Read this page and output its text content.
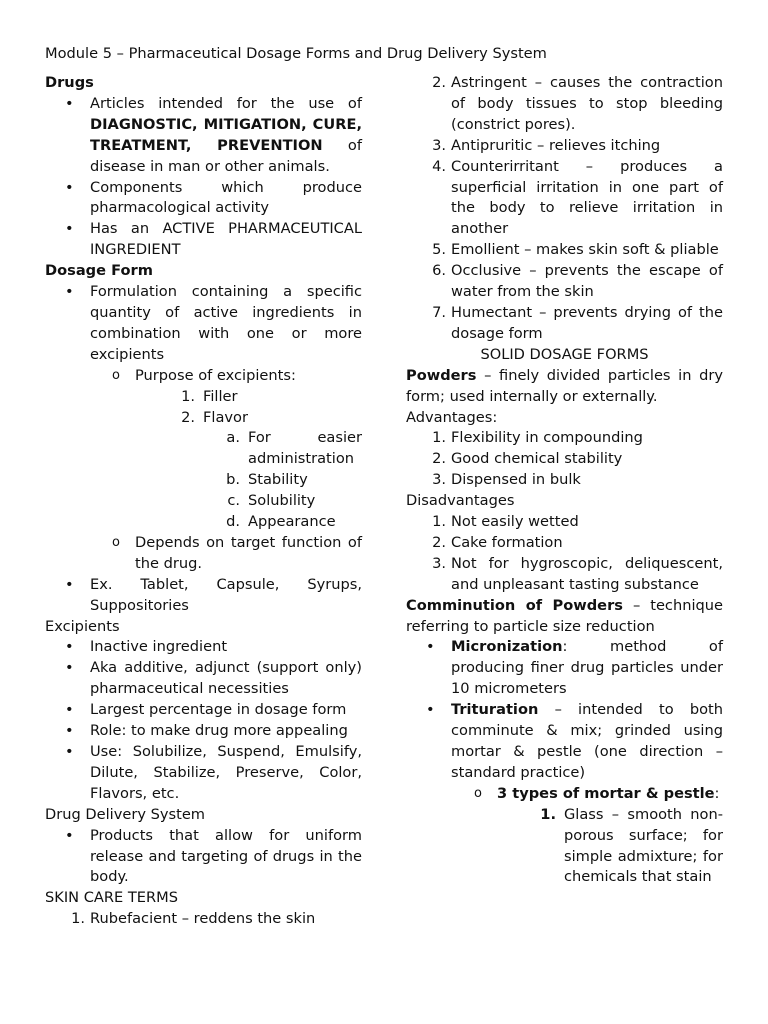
Module 5 – Pharmaceutical Dosage Forms and Drug Delivery System

Drugs

• Articles intended for the use of DIAGNOSTIC, MITIGATION, CURE, TREATMENT, PREVENTION of disease in man or other animals.
• Components which produce pharmacological activity
• Has an ACTIVE PHARMACEUTICAL INGREDIENT

Dosage Form

• Formulation containing a specific quantity of active ingredients in combination with one or more excipients
o Purpose of excipients:
1. Filler
2. Flavor
a. For easier administration
b. Stability
c. Solubility
d. Appearance
o Depends on target function of the drug.
• Ex. Tablet, Capsule, Syrups, Suppositories

Excipients

• Inactive ingredient
• Aka additive, adjunct (support only) pharmaceutical necessities
• Largest percentage in dosage form
• Role: to make drug more appealing
• Use: Solubilize, Suspend, Emulsify, Dilute, Stabilize, Preserve, Color, Flavors, etc.

Drug Delivery System

• Products that allow for uniform release and targeting of drugs in the body.

SKIN CARE TERMS

1. Rubefacient – reddens the skin
2. Astringent – causes the contraction of body tissues to stop bleeding (constrict pores).
3. Antipruritic – relieves itching
4. Counterirritant – produces a superficial irritation in one part of the body to relieve irritation in another
5. Emollient – makes skin soft & pliable
6. Occlusive – prevents the escape of water from the skin
7. Humectant – prevents drying of the dosage form

SOLID DOSAGE FORMS

Powders – finely divided particles in dry form; used internally or externally.

Advantages:

1. Flexibility in compounding
2. Good chemical stability
3. Dispensed in bulk

Disadvantages

1. Not easily wetted
2. Cake formation
3. Not for hygroscopic, deliquescent, and unpleasant tasting substance

Comminution of Powders – technique referring to particle size reduction

• Micronization: method of producing finer drug particles under 10 micrometers
• Trituration – intended to both comminute & mix; grinded using mortar & pestle (one direction – standard practice)
o 3 types of mortar & pestle:
1. Glass – smooth non-porous surface; for simple admixture; for chemicals that stain
